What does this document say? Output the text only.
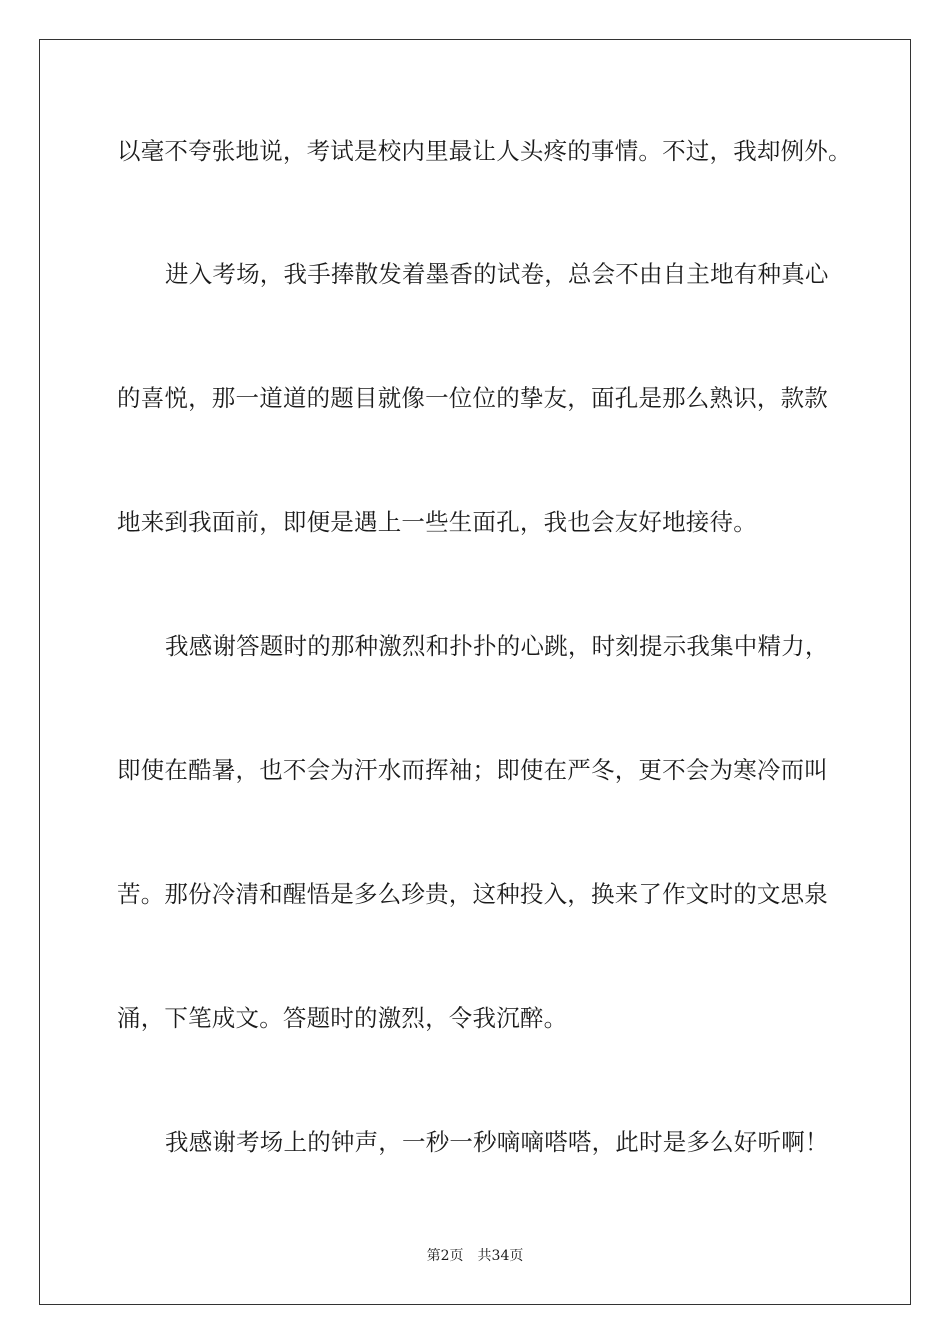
以毫不夸张地说，考试是校内里最让人头疼的事情。不过，我却例外。
进入考场，我手捧散发着墨香的试卷，总会不由自主地有种真心
的喜悦，那一道道的题目就像一位位的挚友，面孔是那么熟识，款款
地来到我面前，即便是遇上一些生面孔，我也会友好地接待。
我感谢答题时的那种激烈和扑扑的心跳，时刻提示我集中精力，
即使在酷暑，也不会为汗水而挥袖；即使在严冬，更不会为寒冷而叫
苦。那份冷清和醒悟是多么珍贵，这种投入，换来了作文时的文思泉
涌，下笔成文。答题时的激烈，令我沉醉。
我感谢考场上的钟声，一秒一秒嘀嘀嗒嗒，此时是多么好听啊！
第2页 共34页
